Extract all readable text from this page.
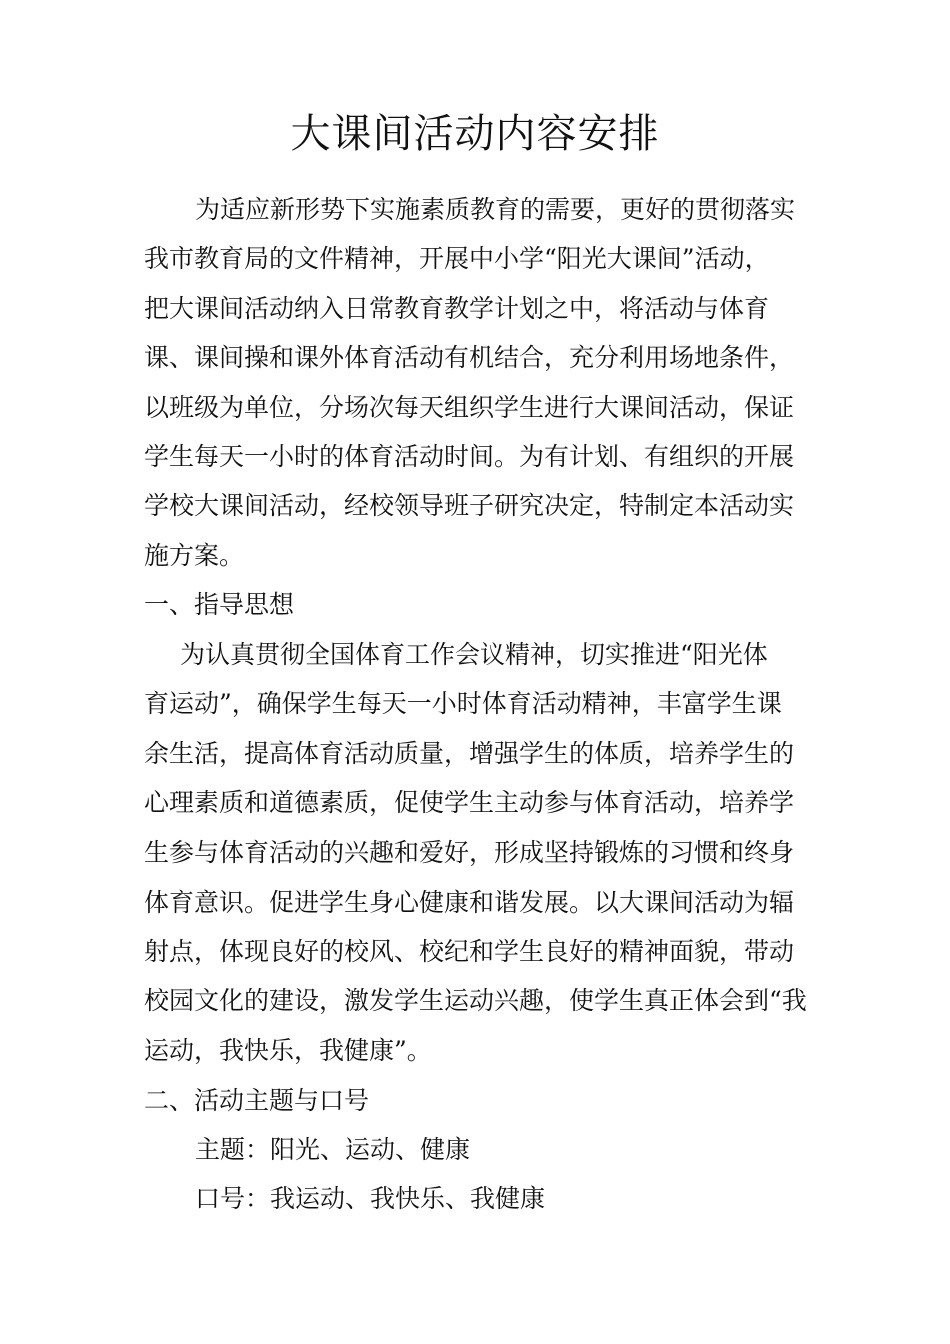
大课间活动内容安排
为适应新形势下实施素质教育的需要，更好的贯彻落实
我市教育局的文件精神，开展中小学“阳光大课间”活动，
把大课间活动纳入日常教育教学计划之中，将活动与体育
课、课间操和课外体育活动有机结合，充分利用场地条件，
以班级为单位，分场次每天组织学生进行大课间活动，保证
学生每天一小时的体育活动时间。为有计划、有组织的开展
学校大课间活动，经校领导班子研究决定，特制定本活动实
施方案。
一、指导思想
为认真贯彻全国体育工作会议精神，切实推进“阳光体
育运动”，确保学生每天一小时体育活动精神，丰富学生课
余生活，提高体育活动质量，增强学生的体质，培养学生的
心理素质和道德素质，促使学生主动参与体育活动，培养学
生参与体育活动的兴趣和爱好，形成坚持锻炼的习惯和终身
体育意识。促进学生身心健康和谐发展。以大课间活动为辐
射点，体现良好的校风、校纪和学生良好的精神面貌，带动
校园文化的建设，激发学生运动兴趣，使学生真正体会到“我
运动，我快乐，我健康”。
二、活动主题与口号
主题：阳光、运动、健康
口号：我运动、我快乐、我健康
